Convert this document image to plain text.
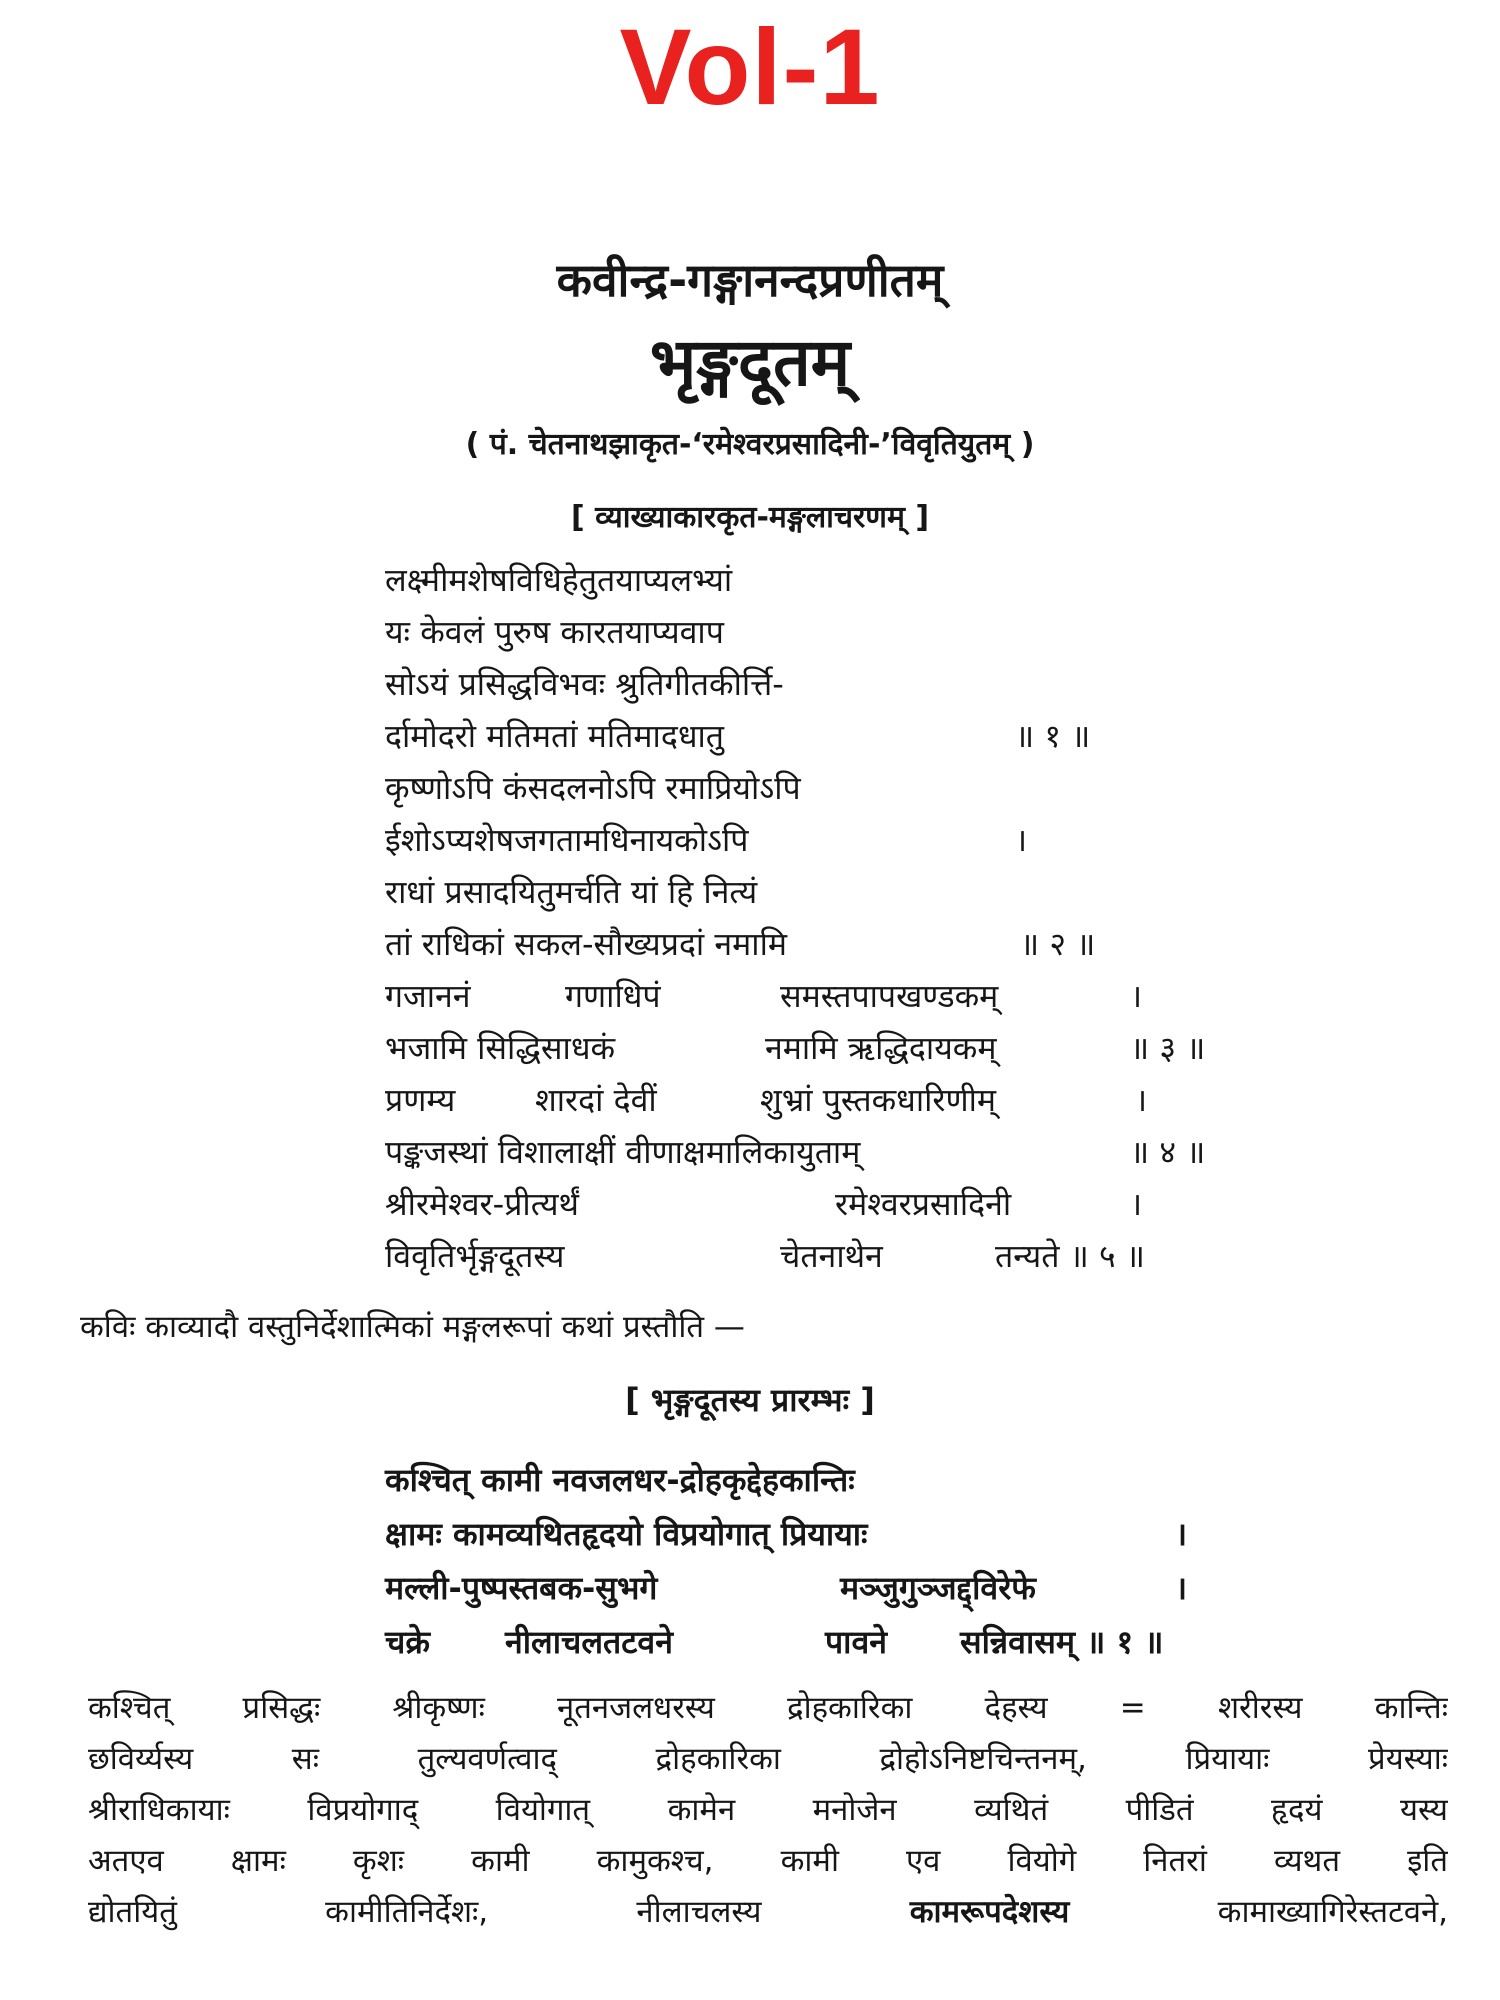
Vol-1
कवीन्द्र-गङ्गानन्दप्रणीतम्
भृङ्गदूतम्
( पं. चेतनाथझाकृत-‘रमेश्वरप्रसादिनी-’विवृतियुतम् )
[ व्याख्याकारकृत-मङ्गलाचरणम् ]
लक्ष्मीमशेषविधिहेतुतयाप्यलभ्यां
यः केवलं पुरुष कारतयाप्यवाप
सोऽयं प्रसिद्धविभवः श्रुतिगीतकीर्त्ति-
र्दामोदरो मतिमतां मतिमादधातु	॥ १ ॥
कृष्णोऽपि कंसदलनोऽपि रमाप्रियोऽपि
ईशोऽप्यशेषजगतामधिनायकोऽपि	।
राधां प्रसादयितुमर्चति यां हि नित्यं
तां राधिकां सकल-सौख्यप्रदां नमामि	॥ २ ॥
गजाननं	गणाधिपं	समस्तपापखण्डकम्	।
भजामि सिद्धिसाधकं	नमामि ऋद्धिदायकम्	॥ ३ ॥
प्रणम्य शारदां देवीं	शुभ्रां पुस्तकधारिणीम्	।
पङ्कजस्थां विशालाक्षीं वीणाक्षमालिकायुताम्	॥ ४ ॥
श्रीरमेश्वर-प्रीत्यर्थं	रमेश्वरप्रसादिनी	।
विवृतिर्भृङ्गदूतस्य	चेतनाथेन	तन्यते ॥ ५ ॥
कविः काव्यादौ वस्तुनिर्देशात्मिकां मङ्गलरूपां कथां प्रस्तौति —
[ भृङ्गदूतस्य प्रारम्भः ]
कश्चित् कामी नवजलधर-द्रोहकृद्देहकान्तिः
क्षामः कामव्यथितहृदयो विप्रयोगात् प्रियायाः	।
मल्ली-पुष्पस्तबक-सुभगे	मञ्जुगुञ्जद्द्विरेफे	।
चक्रे नीलाचलतटवने	पावने सन्निवासम् ॥ १ ॥
कश्चित् प्रसिद्धः श्रीकृष्णः नूतनजलधरस्य द्रोहकारिका देहस्य = शरीरस्य कान्तिः
छविर्य्यस्य सः तुल्यवर्णत्वाद् द्रोहकारिका द्रोहोऽनिष्टचिन्तनम्, प्रियायाः प्रेयस्याः
श्रीराधिकायाः विप्रयोगाद् वियोगात् कामेन मनोजेन व्यथितं पीडितं हृदयं यस्य
अतएव क्षामः कृशः कामी कामुकश्च, कामी एव वियोगे नितरां व्यथत इति
द्योतयितुं कामीतिनिर्देशः, नीलाचलस्य	कामरूपदेशस्य	कामाख्यागिरेस्तटवने,
